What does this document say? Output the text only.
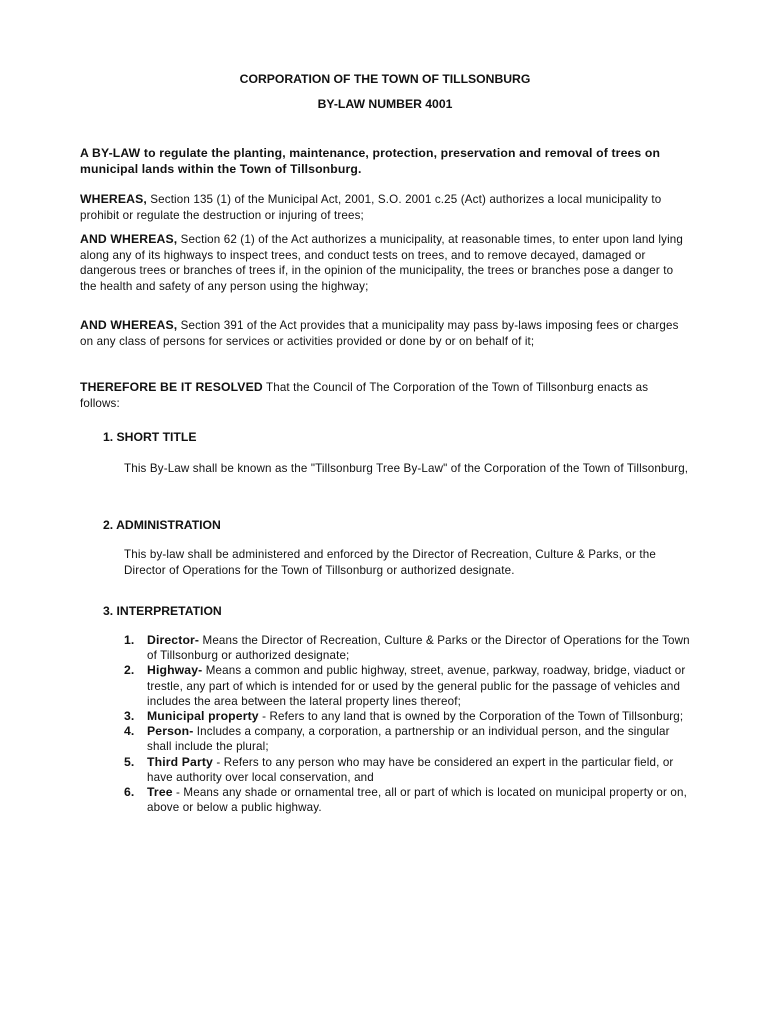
CORPORATION OF THE TOWN OF TILLSONBURG
BY-LAW NUMBER 4001
A BY-LAW to regulate the planting, maintenance, protection, preservation and removal of trees on municipal lands within the Town of Tillsonburg.
WHEREAS, Section 135 (1) of the Municipal Act, 2001, S.O. 2001 c.25 (Act) authorizes a local municipality to prohibit or regulate the destruction or injuring of trees;
AND WHEREAS, Section 62 (1) of the Act authorizes a municipality, at reasonable times, to enter upon land lying along any of its highways to inspect trees, and conduct tests on trees, and to remove decayed, damaged or dangerous trees or branches of trees if, in the opinion of the municipality, the trees or branches pose a danger to the health and safety of any person using the highway;
AND WHEREAS, Section 391 of the Act provides that a municipality may pass by-laws imposing fees or charges on any class of persons for services or activities provided or done by or on behalf of it;
THEREFORE BE IT RESOLVED That the Council of The Corporation of the Town of Tillsonburg enacts as follows:
1. SHORT TITLE
This By-Law shall be known as the "Tillsonburg Tree By-Law" of the Corporation of the Town of Tillsonburg,
2. ADMINISTRATION
This by-law shall be administered and enforced by the Director of Recreation, Culture & Parks, or the Director of Operations for the Town of Tillsonburg or authorized designate.
3. INTERPRETATION
1. Director- Means the Director of Recreation, Culture & Parks or the Director of Operations for the Town of Tillsonburg or authorized designate;
2. Highway- Means a common and public highway, street, avenue, parkway, roadway, bridge, viaduct or trestle, any part of which is intended for or used by the general public for the passage of vehicles and includes the area between the lateral property lines thereof;
3. Municipal property - Refers to any land that is owned by the Corporation of the Town of Tillsonburg;
4. Person- Includes a company, a corporation, a partnership or an individual person, and the singular shall include the plural;
5. Third Party - Refers to any person who may have be considered an expert in the particular field, or have authority over local conservation, and
6. Tree - Means any shade or ornamental tree, all or part of which is located on municipal property or on, above or below a public highway.
